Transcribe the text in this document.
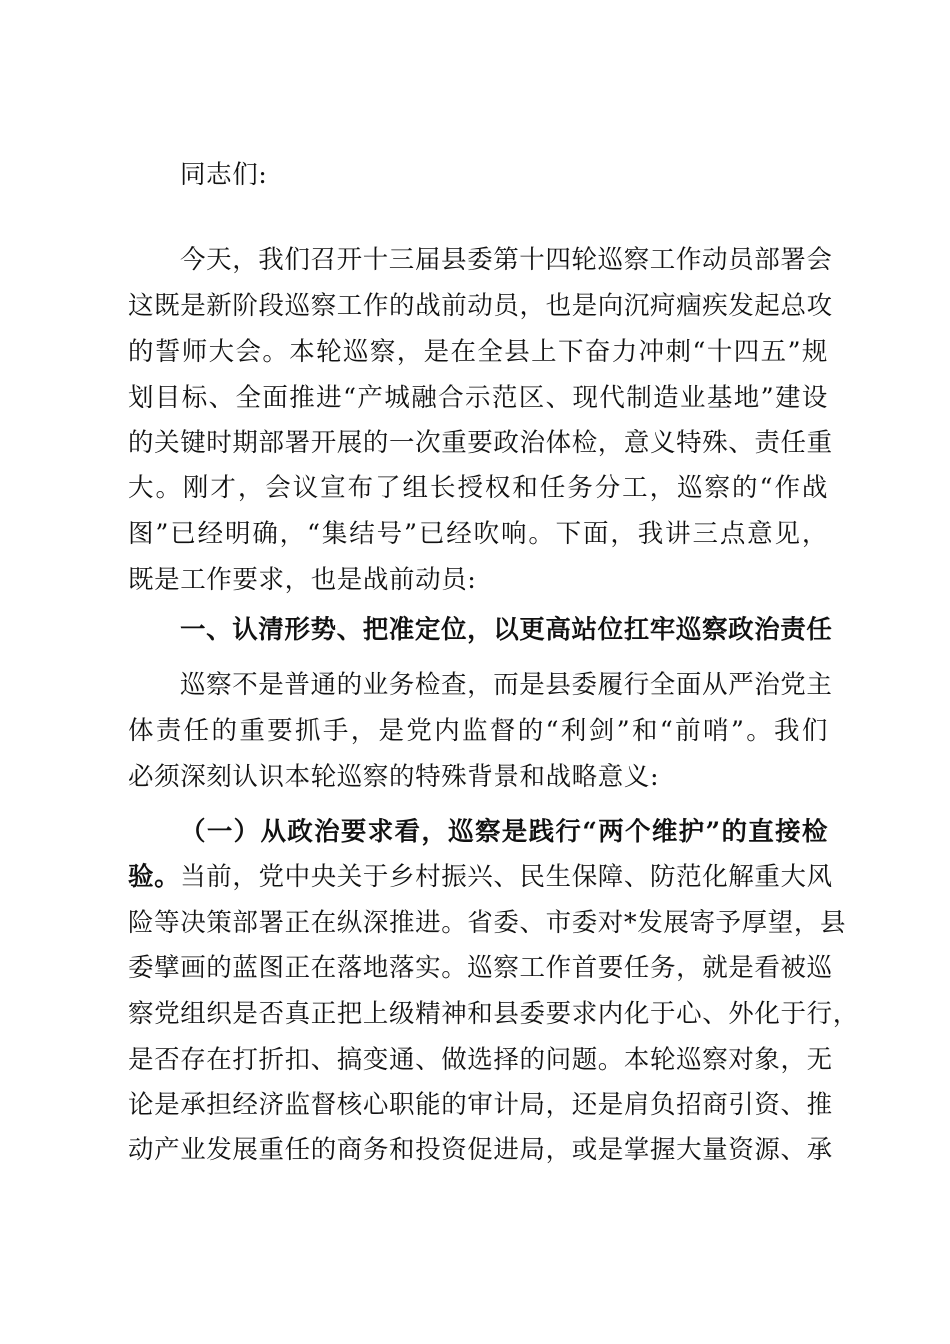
同志们:
今天，我们召开十三届县委第十四轮巡察工作动员部署会
这既是新阶段巡察工作的战前动员，也是向沉疴痼疾发起总攻
的誓师大会。本轮巡察，是在全县上下奋力冲刺“十四五”规
划目标、全面推进“产城融合示范区、现代制造业基地”建设
的关键时期部署开展的一次重要政治体检，意义特殊、责任重
大。刚才，会议宣布了组长授权和任务分工，巡察的“作战
图”已经明确，“集结号”已经吹响。下面，我讲三点意见，
既是工作要求，也是战前动员:
一、认清形势、把准定位，以更高站位扛牢巡察政治责任
巡察不是普通的业务检查，而是县委履行全面从严治党主
体责任的重要抓手，是党内监督的“利剑”和“前哨”。我们
必须深刻认识本轮巡察的特殊背景和战略意义:
（一）从政治要求看，巡察是践行“两个维护”的直接检
验。当前，党中央关于乡村振兴、民生保障、防范化解重大风
险等决策部署正在纵深推进。省委、市委对*发展寄予厚望，县
委擘画的蓝图正在落地落实。巡察工作首要任务，就是看被巡
察党组织是否真正把上级精神和县委要求内化于心、外化于行，
是否存在打折扣、搞变通、做选择的问题。本轮巡察对象，无
论是承担经济监督核心职能的审计局，还是肩负招商引资、推
动产业发展重任的商务和投资促进局，或是掌握大量资源、承
